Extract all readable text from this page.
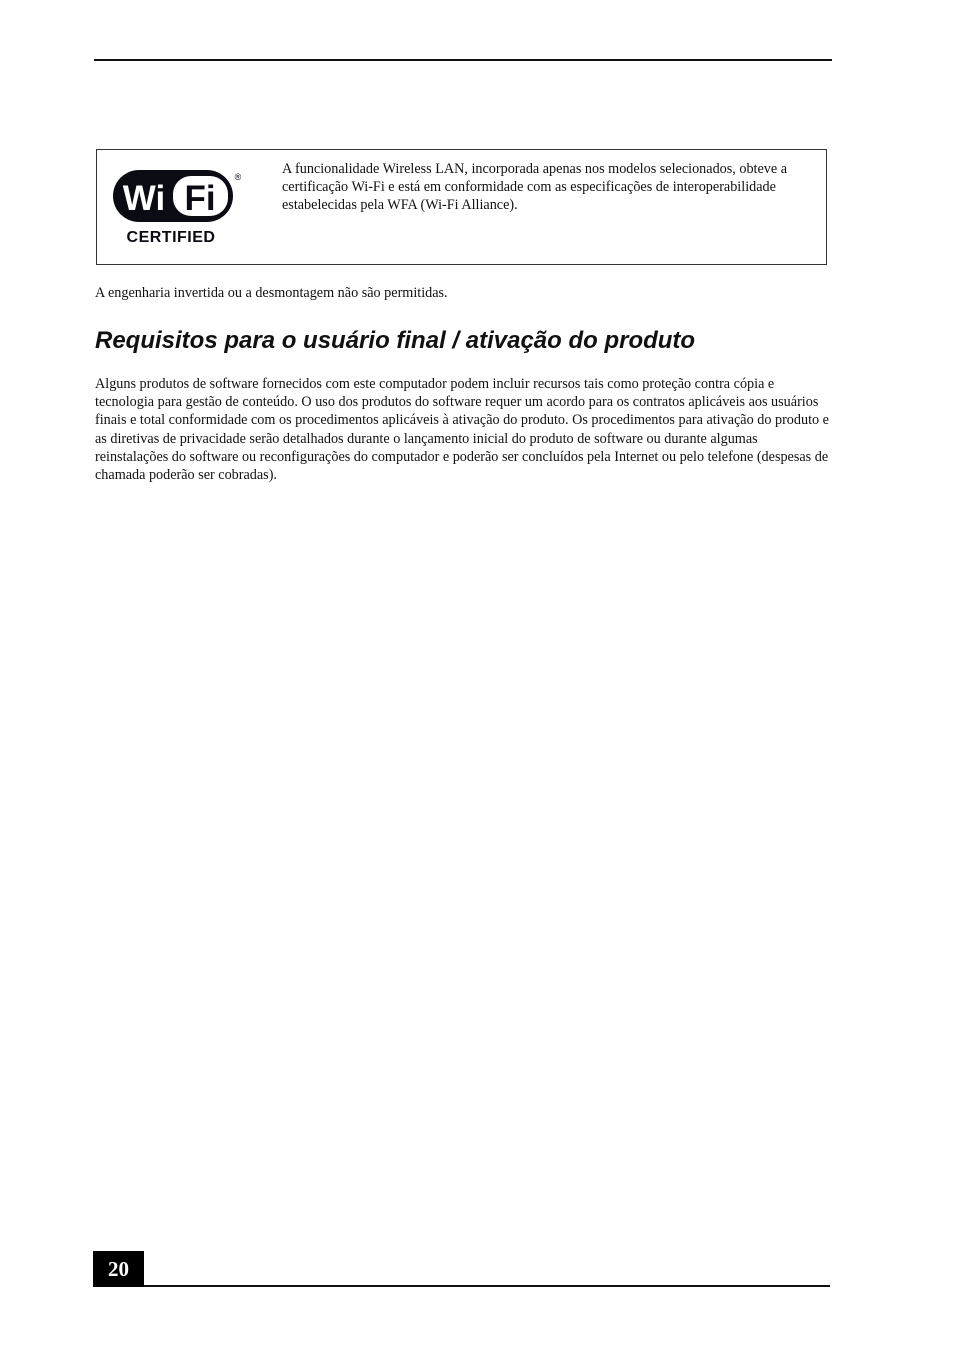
Wi Fi
®
CERTIFIED

A funcionalidade Wireless LAN, incorporada apenas nos modelos selecionados, obteve a certificação Wi-Fi e está em conformidade com as especificações de interoperabilidade estabelecidas pela WFA (Wi-Fi Alliance).

A engenharia invertida ou a desmontagem não são permitidas.

Requisitos para o usuário final / ativação do produto

Alguns produtos de software fornecidos com este computador podem incluir recursos tais como proteção contra cópia e tecnologia para gestão de conteúdo. O uso dos produtos do software requer um acordo para os contratos aplicáveis aos usuários finais e total conformidade com os procedimentos aplicáveis à ativação do produto. Os procedimentos para ativação do produto e as diretivas de privacidade serão detalhados durante o lançamento inicial do produto de software ou durante algumas reinstalações do software ou reconfigurações do computador e poderão ser concluídos pela Internet ou pelo telefone (despesas de chamada poderão ser cobradas).

20
